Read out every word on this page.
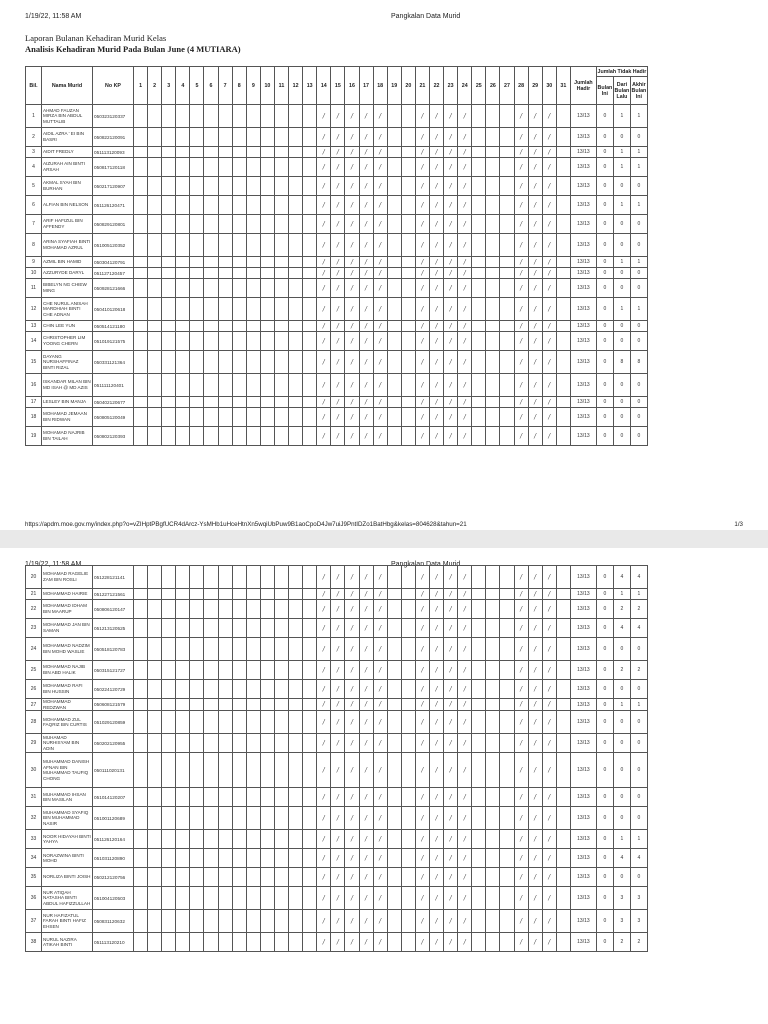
1/19/22, 11:58 AM	Pangkalan Data Murid
Laporan Bulanan Kehadiran Murid Kelas
Analisis Kehadiran Murid Pada Bulan June (4 MUTIARA)
Bil.	Nama Murid	No KP	1	2	3	4	5	6	7	8	9	10	11	12	13	14	15	16	17	18	19	20	21	22	23	24	25	26	27	28	29	30	31	Jumlah Hadir	Jumlah Tidak Hadir		
																																			Bulan Ini	Dari Bulan Lalu	Akhir Bulan Ini
1	AHMAD FAUZAN MIRZA BIN ABDUL MUTTALIB	050323120337														/	/	/	/	/			/	/	/	/				/	/	/		13/13	0	1	1
2	AIDIL AZRA ' EI BIN BASRI	050822120091														/	/	/	/	/			/	/	/	/				/	/	/		13/13	0	0	0
3	AIDIT FREDLY	051113120093														/	/	/	/	/			/	/	/	/				/	/	/		13/13	0	1	1
4	AIZURAH AIN BINTI ARSAH	050817120118														/	/	/	/	/			/	/	/	/				/	/	/		13/13	0	1	1
5	AKMAL SYAH BIN BURHAN	050217120907														/	/	/	/	/			/	/	/	/				/	/	/		13/13	0	0	0
6	ALFIAN BIN NELSON	051126120471														/	/	/	/	/			/	/	/	/				/	/	/		13/13	0	1	1
7	ARIF HAFIZUL BIN AFFENDY	050829120801														/	/	/	/	/			/	/	/	/				/	/	/		13/13	0	0	0
8	ARINA SYAFIAH BINTI MOHAMAD AZRUL	051005120352														/	/	/	/	/			/	/	/	/				/	/	/		13/13	0	0	0
9	AZMIL BIN HAMID	050304120791														/	/	/	/	/			/	/	/	/				/	/	/		13/13	0	1	1
10	AZZURYDE DARYL	051127120457														/	/	/	/	/			/	/	/	/				/	/	/		13/13	0	0	0
11	BIBELYN NG CHIEW MING	050928121666														/	/	/	/	/			/	/	/	/				/	/	/		13/13	0	0	0
12	CHE NURUL ANISAH MARDHIAH BINTI CHE ADNAN	050410120618														/	/	/	/	/			/	/	/	/				/	/	/		13/13	0	1	1
13	CHIN LEE YUN	050514121180														/	/	/	/	/			/	/	/	/				/	/	/		13/13	0	0	0
14	CHRISTOPHER LIM YOONG CHERN	051019121575														/	/	/	/	/			/	/	/	/				/	/	/		13/13	0	0	0
15	DAYANG NURSHAFFINAZ BINTI RIZAL	050331121364														/	/	/	/	/			/	/	/	/				/	/	/		13/13	0	8	8
16	ISKANDAR MILAN BIN MD ISAH @ MD AZIS	051111120401														/	/	/	/	/			/	/	/	/				/	/	/		13/13	0	0	0
17	LESLEY BIN MANJA	050402120677														/	/	/	/	/			/	/	/	/				/	/	/		13/13	0	0	0
18	MOHAMAD JEMAAN BIN RIDWAN	050805120049														/	/	/	/	/			/	/	/	/				/	/	/		13/13	0	0	0
19	MOHAMAD NAJRIB BIN TAILAH	050802120393														/	/	/	/	/			/	/	/	/				/	/	/		13/13	0	0	0
https://apdm.moe.gov.my/index.php?o=vZIHptPBgfUCR4dArcz-YsMHb1uHceHtnXn5wqiUbPuw9B1aoCpoD4Jw7uiJ9PntIDZo1BatHbg&kelas=804628&tahun=21	1/3
1/19/22, 11:58 AM	Pangkalan Data Murid
20	MOHAMAD RAGELIE ZAM BIN ROSLI	051228121141														/	/	/	/	/			/	/	/	/				/	/	/		13/13	0	4	4
21	MOHAMMAD HAIRIE	051227121561														/	/	/	/	/			/	/	/	/				/	/	/		13/13	0	1	1
22	MOHAMMAD IDHAM BIN MAARUP	050806120147														/	/	/	/	/			/	/	/	/				/	/	/		13/13	0	2	2
23	MOHAMMAD JAN BIN SAMAN	051213120525														/	/	/	/	/			/	/	/	/				/	/	/		13/13	0	4	4
24	MOHAMMAD NADZIM BIN MOHD WASLIE	050518120783														/	/	/	/	/			/	/	/	/				/	/	/		13/13	0	0	0
25	MOHAMMAD NAJIB BIN ABD HALIK	050315121727														/	/	/	/	/			/	/	/	/				/	/	/		13/13	0	2	2
26	MOHAMMAD RAFI BIN HUSSIN	050224120729														/	/	/	/	/			/	/	/	/				/	/	/		13/13	0	0	0
27	MOHAMMAD REDZWAN	050608121579														/	/	/	/	/			/	/	/	/				/	/	/		13/13	0	1	1
28	MOHAMMAD ZUL FAQRIZ BIN CURTIS	051029120859														/	/	/	/	/			/	/	/	/				/	/	/		13/13	0	0	0
29	MUHAMAD NURHISYAM BIN ADIN	050202120955														/	/	/	/	/			/	/	/	/				/	/	/		13/13	0	0	0
30	MUHAMMAD DANISH AFNAN BIN MUHAMMAD TAUFIQ CHONG	050111020131														/	/	/	/	/			/	/	/	/				/	/	/		13/13	0	0	0
31	MUHAMMAD IHSAN BIN MASILAN	051014120207														/	/	/	/	/			/	/	/	/				/	/	/		13/13	0	0	0
32	MUHAMMAD SYAFIQ BIN MUHAMMAD NASIR	051001120689														/	/	/	/	/			/	/	/	/				/	/	/		13/13	0	0	0
33	NOOR HIDAYAH BINTI YAHYA	051126120164														/	/	/	/	/			/	/	/	/				/	/	/		13/13	0	1	1
34	NORAZWINA BINTI MOHD	051031120890														/	/	/	/	/			/	/	/	/				/	/	/		13/13	0	4	4
35	NORLIZA BINTI JOISH	050212120756														/	/	/	/	/			/	/	/	/				/	/	/		13/13	0	0	0
36	NUR ATIQAH NATASHA BINTI ABDUL HAFIZZULLAH	051004120503														/	/	/	/	/			/	/	/	/				/	/	/		13/13	0	3	3
37	NUR HAFIZATUL FARAH BINTI HAFIZ EHSEN	050831120632														/	/	/	/	/			/	/	/	/				/	/	/		13/13	0	3	3
38	NURUL NAZIRA ATIKAH BINTI	051113120210														/	/	/	/	/			/	/	/	/				/	/	/		13/13	0	2	2
